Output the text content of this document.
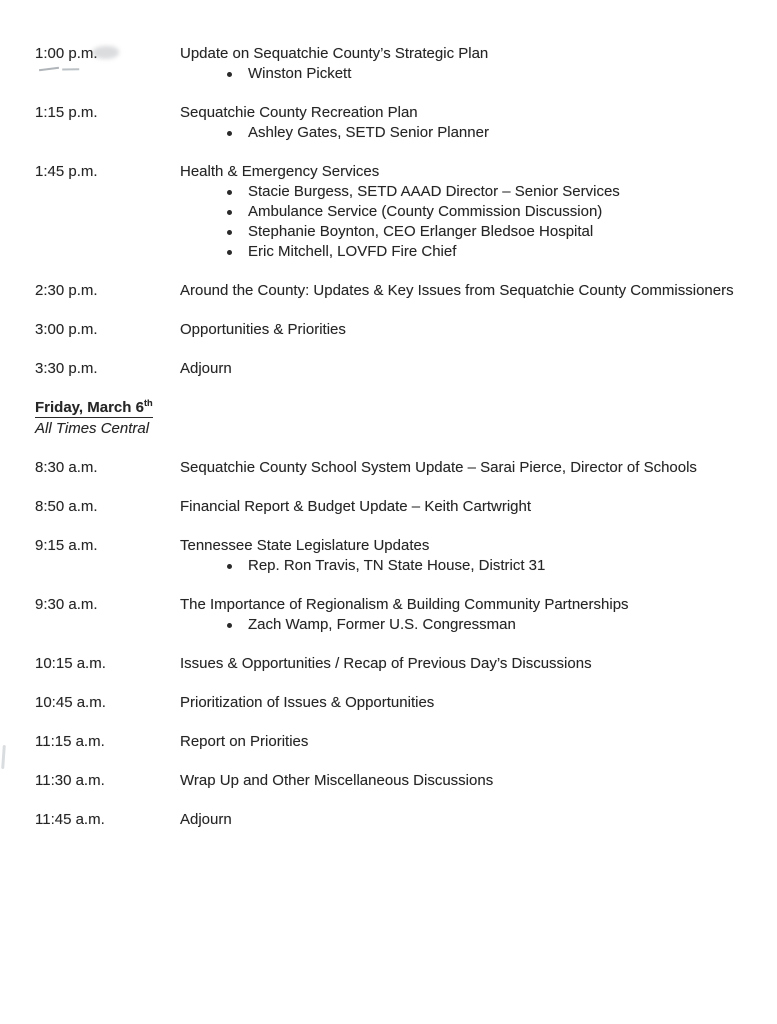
1:00 p.m.	Update on Sequatchie County’s Strategic Plan
Winston Pickett
1:15 p.m.	Sequatchie County Recreation Plan
Ashley Gates, SETD Senior Planner
1:45 p.m.	Health & Emergency Services
Stacie Burgess, SETD AAAD Director – Senior Services
Ambulance Service (County Commission Discussion)
Stephanie Boynton, CEO Erlanger Bledsoe Hospital
Eric Mitchell, LOVFD Fire Chief
2:30 p.m.	Around the County: Updates & Key Issues from Sequatchie County Commissioners
3:00 p.m.	Opportunities & Priorities
3:30 p.m.	Adjourn
Friday, March 6th
All Times Central
8:30 a.m.	Sequatchie County School System Update – Sarai Pierce, Director of Schools
8:50 a.m.	Financial Report & Budget Update – Keith Cartwright
9:15 a.m.	Tennessee State Legislature Updates
Rep. Ron Travis, TN State House, District 31
9:30 a.m.	The Importance of Regionalism & Building Community Partnerships
Zach Wamp, Former U.S. Congressman
10:15 a.m.	Issues & Opportunities / Recap of Previous Day’s Discussions
10:45 a.m.	Prioritization of Issues & Opportunities
11:15 a.m.	Report on Priorities
11:30 a.m.	Wrap Up and Other Miscellaneous Discussions
11:45 a.m.	Adjourn
